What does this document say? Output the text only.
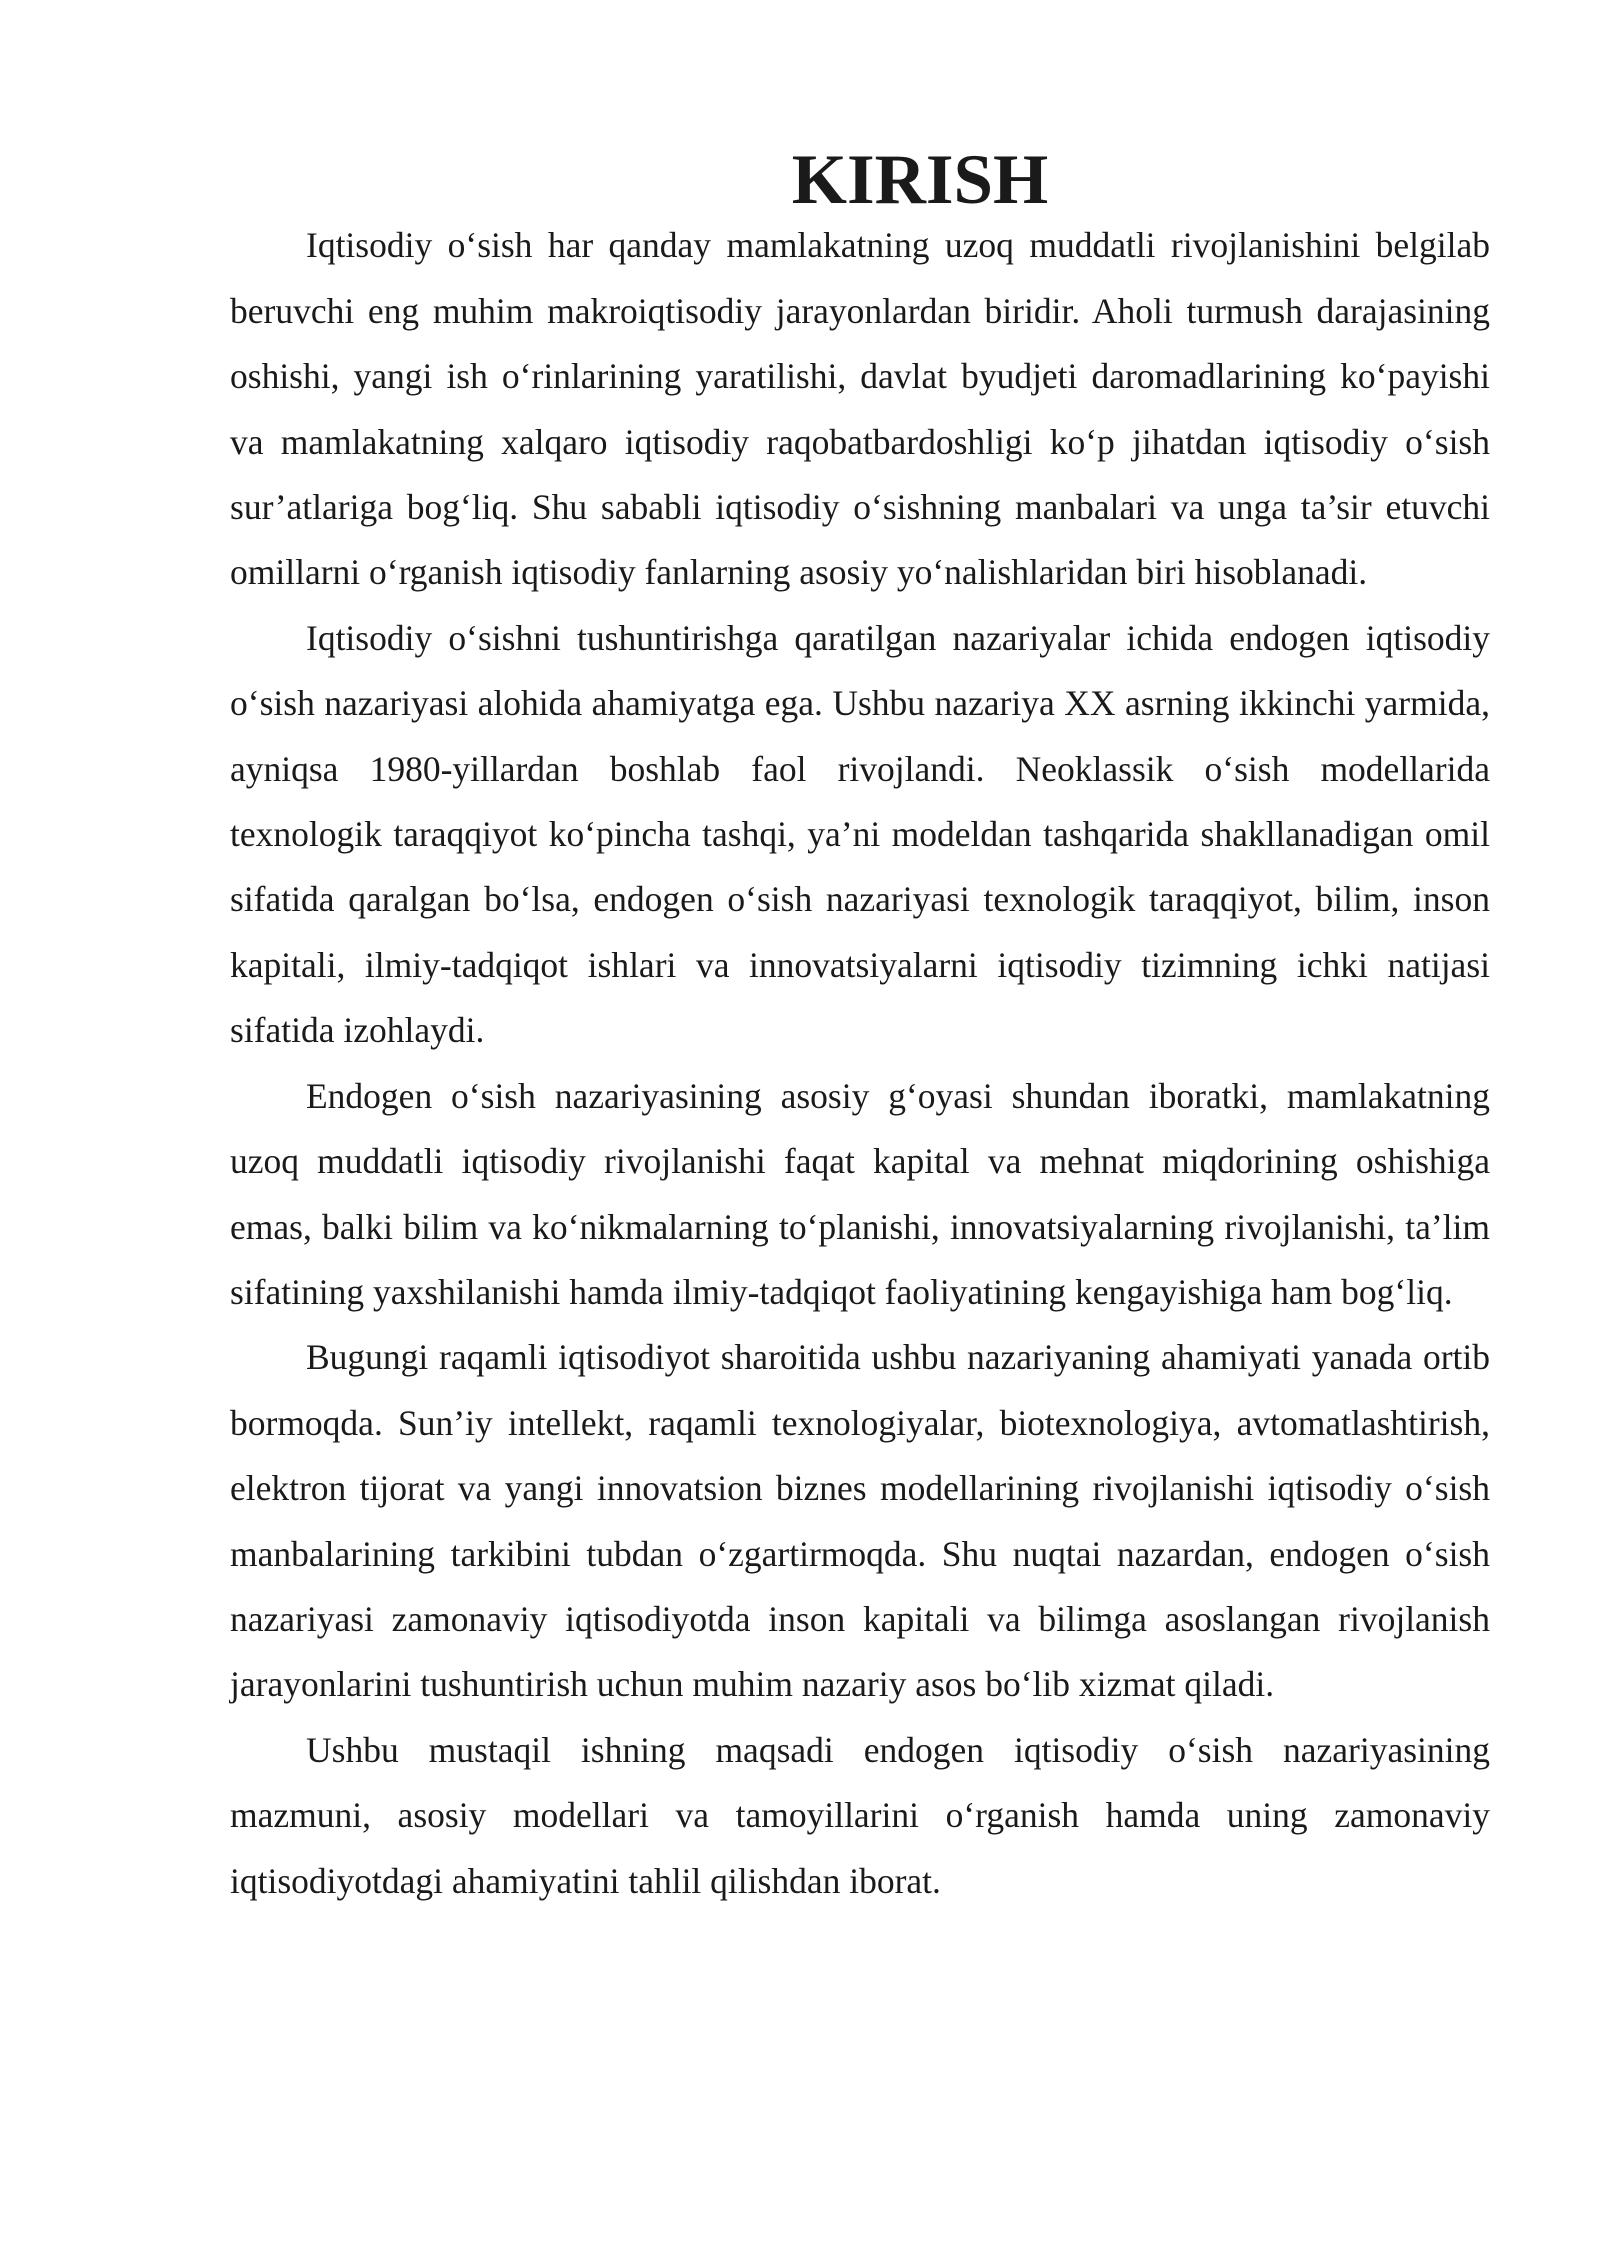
KIRISH

Iqtisodiy o‘sish har qanday mamlakatning uzoq muddatli rivojlanishini belgilab beruvchi eng muhim makroiqtisodiy jarayonlardan biridir. Aholi turmush darajasining oshishi, yangi ish o‘rinlarining yaratilishi, davlat byudjeti daromadlarining ko‘payishi va mamlakatning xalqaro iqtisodiy raqobatbardoshligi ko‘p jihatdan iqtisodiy o‘sish sur’atlariga bog‘liq. Shu sababli iqtisodiy o‘sishning manbalari va unga ta’sir etuvchi omillarni o‘rganish iqtisodiy fanlarning asosiy yo‘nalishlaridan biri hisoblanadi.

Iqtisodiy o‘sishni tushuntirishga qaratilgan nazariyalar ichida endogen iqtisodiy o‘sish nazariyasi alohida ahamiyatga ega. Ushbu nazariya XX asrning ikkinchi yarmida, ayniqsa 1980-yillardan boshlab faol rivojlandi. Neoklassik o‘sish modellarida texnologik taraqqiyot ko‘pincha tashqi, ya’ni modeldan tashqarida shakllanadigan omil sifatida qaralgan bo‘lsa, endogen o‘sish nazariyasi texnologik taraqqiyot, bilim, inson kapitali, ilmiy-tadqiqot ishlari va innovatsiyalarni iqtisodiy tizimning ichki natijasi sifatida izohlaydi.

Endogen o‘sish nazariyasining asosiy g‘oyasi shundan iboratki, mamlakatning uzoq muddatli iqtisodiy rivojlanishi faqat kapital va mehnat miqdorining oshishiga emas, balki bilim va ko‘nikmalarning to‘planishi, innovatsiyalarning rivojlanishi, ta’lim sifatining yaxshilanishi hamda ilmiy-tadqiqot faoliyatining kengayishiga ham bog‘liq.

Bugungi raqamli iqtisodiyot sharoitida ushbu nazariyaning ahamiyati yanada ortib bormoqda. Sun’iy intellekt, raqamli texnologiyalar, biotexnologiya, avtomatlashtirish, elektron tijorat va yangi innovatsion biznes modellarining rivojlanishi iqtisodiy o‘sish manbalarining tarkibini tubdan o‘zgartirmoqda. Shu nuqtai nazardan, endogen o‘sish nazariyasi zamonaviy iqtisodiyotda inson kapitali va bilimga asoslangan rivojlanish jarayonlarini tushuntirish uchun muhim nazariy asos bo‘lib xizmat qiladi.

Ushbu mustaqil ishning maqsadi endogen iqtisodiy o‘sish nazariyasining mazmuni, asosiy modellari va tamoyillarini o‘rganish hamda uning zamonaviy iqtisodiyotdagi ahamiyatini tahlil qilishdan iborat.
